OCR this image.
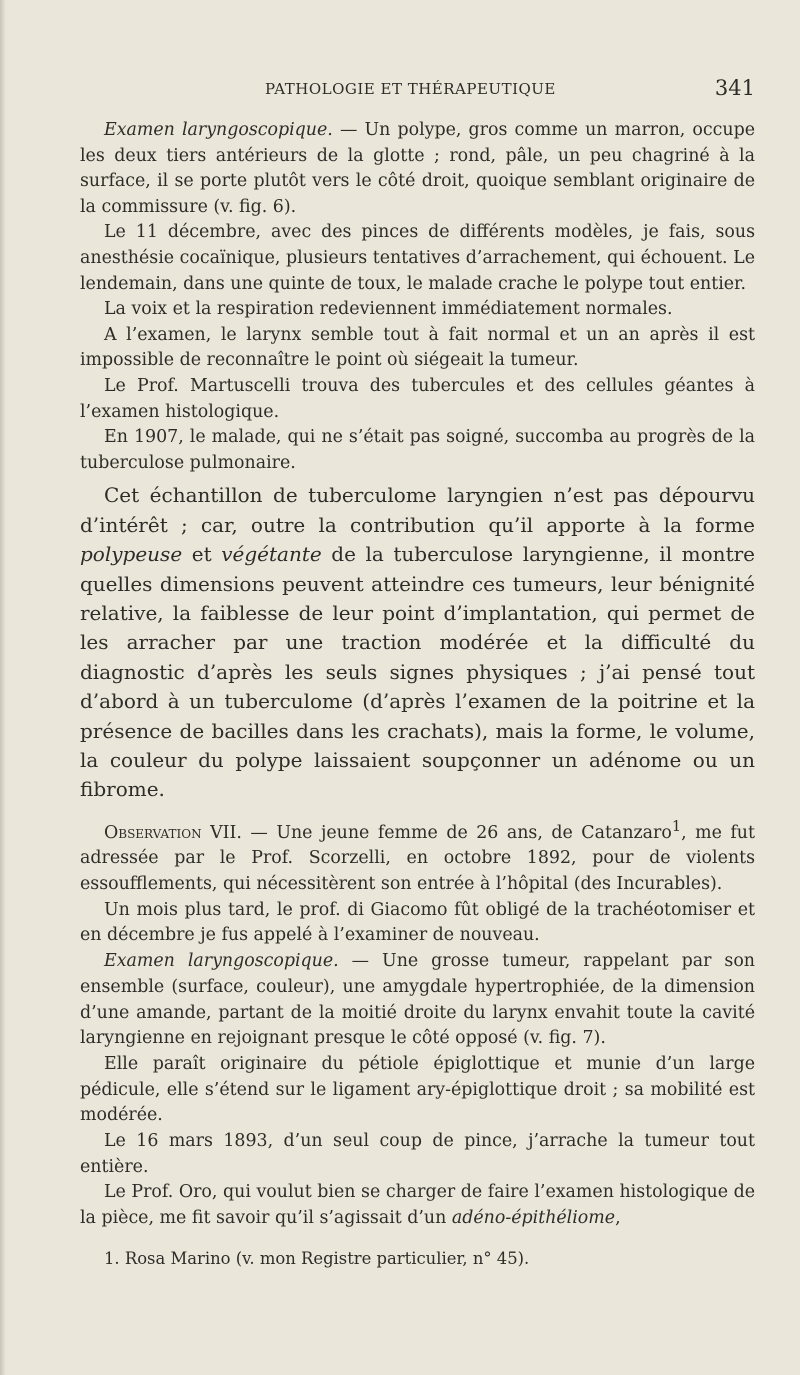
PATHOLOGIE ET THÉRAPEUTIQUE	341

Examen laryngoscopique. — Un polype, gros comme un marron, occupe les deux tiers antérieurs de la glotte ; rond, pâle, un peu chagriné à la surface, il se porte plutôt vers le côté droit, quoique semblant originaire de la commissure (v. fig. 6).

Le 11 décembre, avec des pinces de différents modèles, je fais, sous anesthésie cocaïnique, plusieurs tentatives d’arrachement, qui échouent. Le lendemain, dans une quinte de toux, le malade crache le polype tout entier.

La voix et la respiration redeviennent immédiatement normales.

A l’examen, le larynx semble tout à fait normal et un an après il est impossible de reconnaître le point où siégeait la tumeur.

Le Prof. Martuscelli trouva des tubercules et des cellules géantes à l’examen histologique.

En 1907, le malade, qui ne s’était pas soigné, succomba au progrès de la tuberculose pulmonaire.

Cet échantillon de tuberculome laryngien n’est pas dépourvu d’intérêt ; car, outre la contribution qu’il apporte à la forme polypeuse et végétante de la tuberculose laryngienne, il montre quelles dimensions peuvent atteindre ces tumeurs, leur bénignité relative, la faiblesse de leur point d’implantation, qui permet de les arracher par une traction modérée et la difficulté du diagnostic d’après les seuls signes physiques ; j’ai pensé tout d’abord à un tuberculome (d’après l’examen de la poitrine et la présence de bacilles dans les crachats), mais la forme, le volume, la couleur du polype laissaient soupçonner un adénome ou un fibrome.

Observation VII. — Une jeune femme de 26 ans, de Catanzaro$^1$, me fut adressée par le Prof. Scorzelli, en octobre 1892, pour de violents essoufflements, qui nécessitèrent son entrée à l’hôpital (des Incurables).

Un mois plus tard, le prof. di Giacomo fût obligé de la trachéotomiser et en décembre je fus appelé à l’examiner de nouveau.

Examen laryngoscopique. — Une grosse tumeur, rappelant par son ensemble (surface, couleur), une amygdale hypertrophiée, de la dimension d’une amande, partant de la moitié droite du larynx envahit toute la cavité laryngienne en rejoignant presque le côté opposé (v. fig. 7).

Elle paraît originaire du pétiole épiglottique et munie d’un large pédicule, elle s’étend sur le ligament ary-épiglottique droit ; sa mobilité est modérée.

Le 16 mars 1893, d’un seul coup de pince, j’arrache la tumeur tout entière.

Le Prof. Oro, qui voulut bien se charger de faire l’examen histologique de la pièce, me fit savoir qu’il s’agissait d’un adéno-épithéliome,

1. Rosa Marino (v. mon Registre particulier, n° 45).
